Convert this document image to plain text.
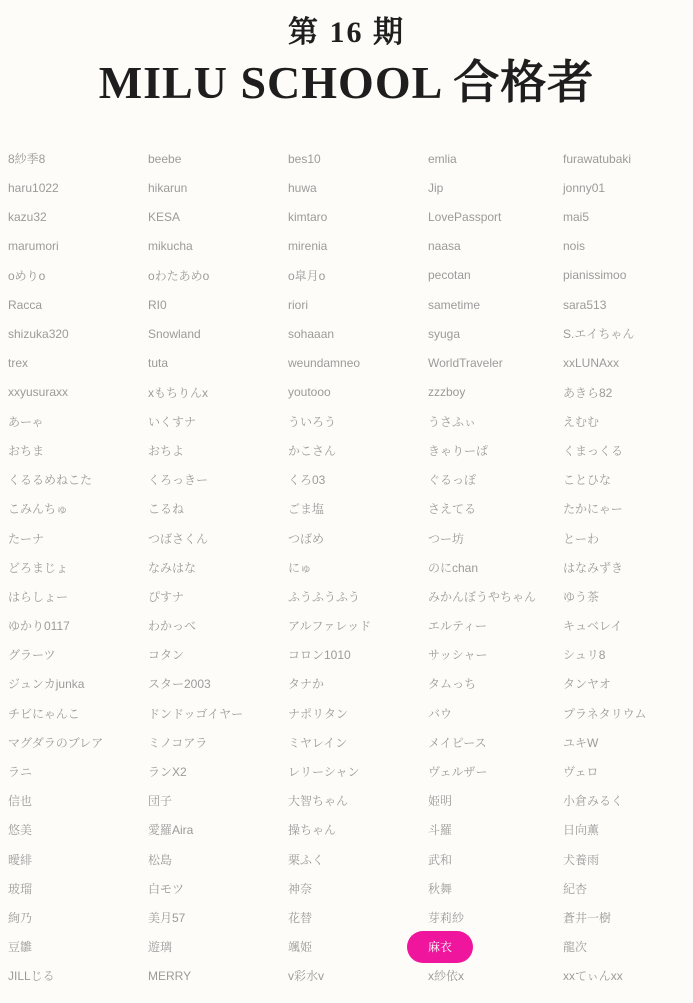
第 16 期
MILU SCHOOL 合格者
8紗季8	beebe	bes10	emlia	furawatubaki
haru1022	hikarun	huwa	Jip	jonny01
kazu32	KESA	kimtaro	LovePassport	mai5
marumori	mikucha	mirenia	naasa	nois
oめりo	oわたあめo	o皐月o	pecotan	pianissimoo
Racca	RI0	riori	sametime	sara513
shizuka320	Snowland	sohaaan	syuga	S.エイちゃん
trex	tuta	weundamneo	WorldTraveler	xxLUNAxx
xxyusuraxx	xもちりんx	youtooo	zzzboy	あきら82
あーゃ	いくすナ	ういろう	うさふぃ	えむむ
おちま	おちよ	かこさん	きゃりーぱ	くまっくる
くるるめねこた	くろっきー	くろ03	ぐるっぽ	ことひな
こみんちゅ	こるね	ごま塩	さえてる	たかにゃー
たーナ	つばさくん	つばめ	つー坊	とーわ
どろまじょ	なみはな	にゅ	のにchan	はなみずき
はらしょー	ぴすナ	ふうふうふう	みかんぼうやちゃん	ゆう茶
ゆかり0117	わかっべ	アルファレッド	エルティー	キュベレイ
グラーツ	コタン	コロン1010	サッシャー	シュリ8
ジュンカjunka	スター2003	タナか	タムっち	タンヤオ
チビにゃんこ	ドンドッゴイヤー	ナポリタン	バウ	プラネタリウム
マグダラのブレア	ミノコアラ	ミヤレイン	メイピース	ユキW
ラニ	ランX2	レリーシャン	ヴェルザー	ヴェロ
信也	団子	大智ちゃん	姫明	小倉みるく
悠美	愛羅Aira	操ちゃん	斗羅	日向薫
曖緋	松島	栗ふく	武和	犬養雨
玻瑠	白モツ	神奈	秋舞	紀杏
絢乃	美月57	花替	芽莉紗	蒼井一樹
豆雛	遊璃	颯姫	麻衣	龍次
JILLじる	MERRY	v彩水v	x紗依x	xxてぃんxx
